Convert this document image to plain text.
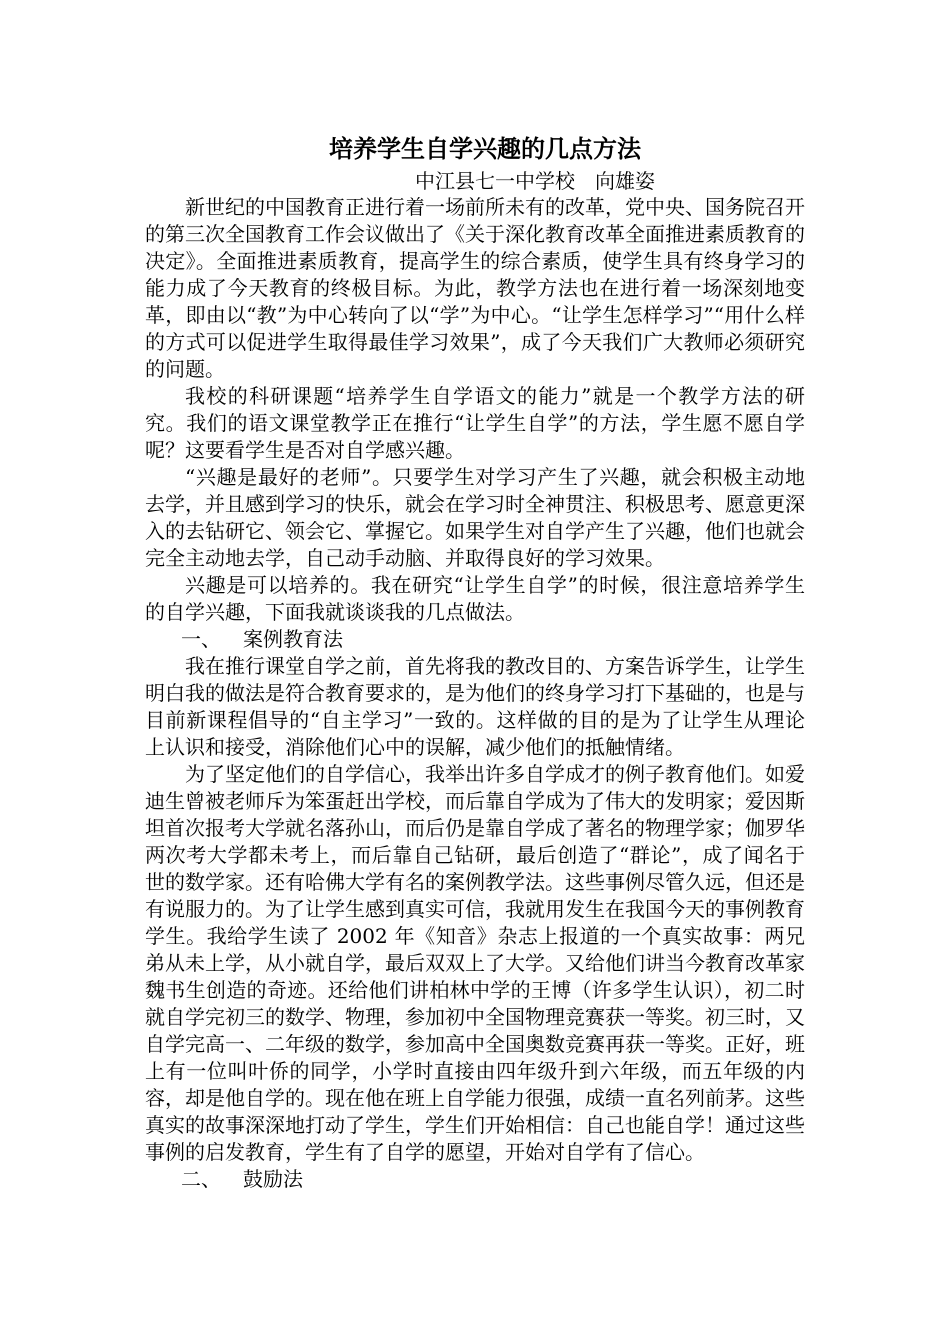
培养学生自学兴趣的几点方法

中江县七一中学校　向雄姿

新世纪的中国教育正进行着一场前所未有的改革，党中央、国务院召开的第三次全国教育工作会议做出了《关于深化教育改革全面推进素质教育的决定》。全面推进素质教育，提高学生的综合素质，使学生具有终身学习的能力成了今天教育的终极目标。为此，教学方法也在进行着一场深刻地变革，即由以“教”为中心转向了以“学”为中心。“让学生怎样学习”“用什么样的方式可以促进学生取得最佳学习效果”，成了今天我们广大教师必须研究的问题。

我校的科研课题“培养学生自学语文的能力”就是一个教学方法的研究。我们的语文课堂教学正在推行“让学生自学”的方法，学生愿不愿自学呢？这要看学生是否对自学感兴趣。

“兴趣是最好的老师”。只要学生对学习产生了兴趣，就会积极主动地去学，并且感到学习的快乐，就会在学习时全神贯注、积极思考、愿意更深入的去钻研它、领会它、掌握它。如果学生对自学产生了兴趣，他们也就会完全主动地去学，自己动手动脑、并取得良好的学习效果。

兴趣是可以培养的。我在研究“让学生自学”的时候，很注意培养学生的自学兴趣，下面我就谈谈我的几点做法。

一、 案例教育法

我在推行课堂自学之前，首先将我的教改目的、方案告诉学生，让学生明白我的做法是符合教育要求的，是为他们的终身学习打下基础的，也是与目前新课程倡导的“自主学习”一致的。这样做的目的是为了让学生从理论上认识和接受，消除他们心中的误解，减少他们的抵触情绪。

为了坚定他们的自学信心，我举出许多自学成才的例子教育他们。如爱迪生曾被老师斥为笨蛋赶出学校，而后靠自学成为了伟大的发明家；爱因斯坦首次报考大学就名落孙山，而后仍是靠自学成了著名的物理学家；伽罗华两次考大学都未考上，而后靠自己钻研，最后创造了“群论”，成了闻名于世的数学家。还有哈佛大学有名的案例教学法。这些事例尽管久远，但还是有说服力的。为了让学生感到真实可信，我就用发生在我国今天的事例教育学生。我给学生读了 2002 年《知音》杂志上报道的一个真实故事：两兄弟从未上学，从小就自学，最后双双上了大学。又给他们讲当今教育改革家魏书生创造的奇迹。还给他们讲柏林中学的王博（许多学生认识），初二时就自学完初三的数学、物理，参加初中全国物理竞赛获一等奖。初三时，又自学完高一、二年级的数学，参加高中全国奥数竞赛再获一等奖。正好，班上有一位叫叶侨的同学，小学时直接由四年级升到六年级，而五年级的内容，却是他自学的。现在他在班上自学能力很强，成绩一直名列前茅。这些真实的故事深深地打动了学生，学生们开始相信：自己也能自学！通过这些事例的启发教育，学生有了自学的愿望，开始对自学有了信心。

二、 鼓励法
